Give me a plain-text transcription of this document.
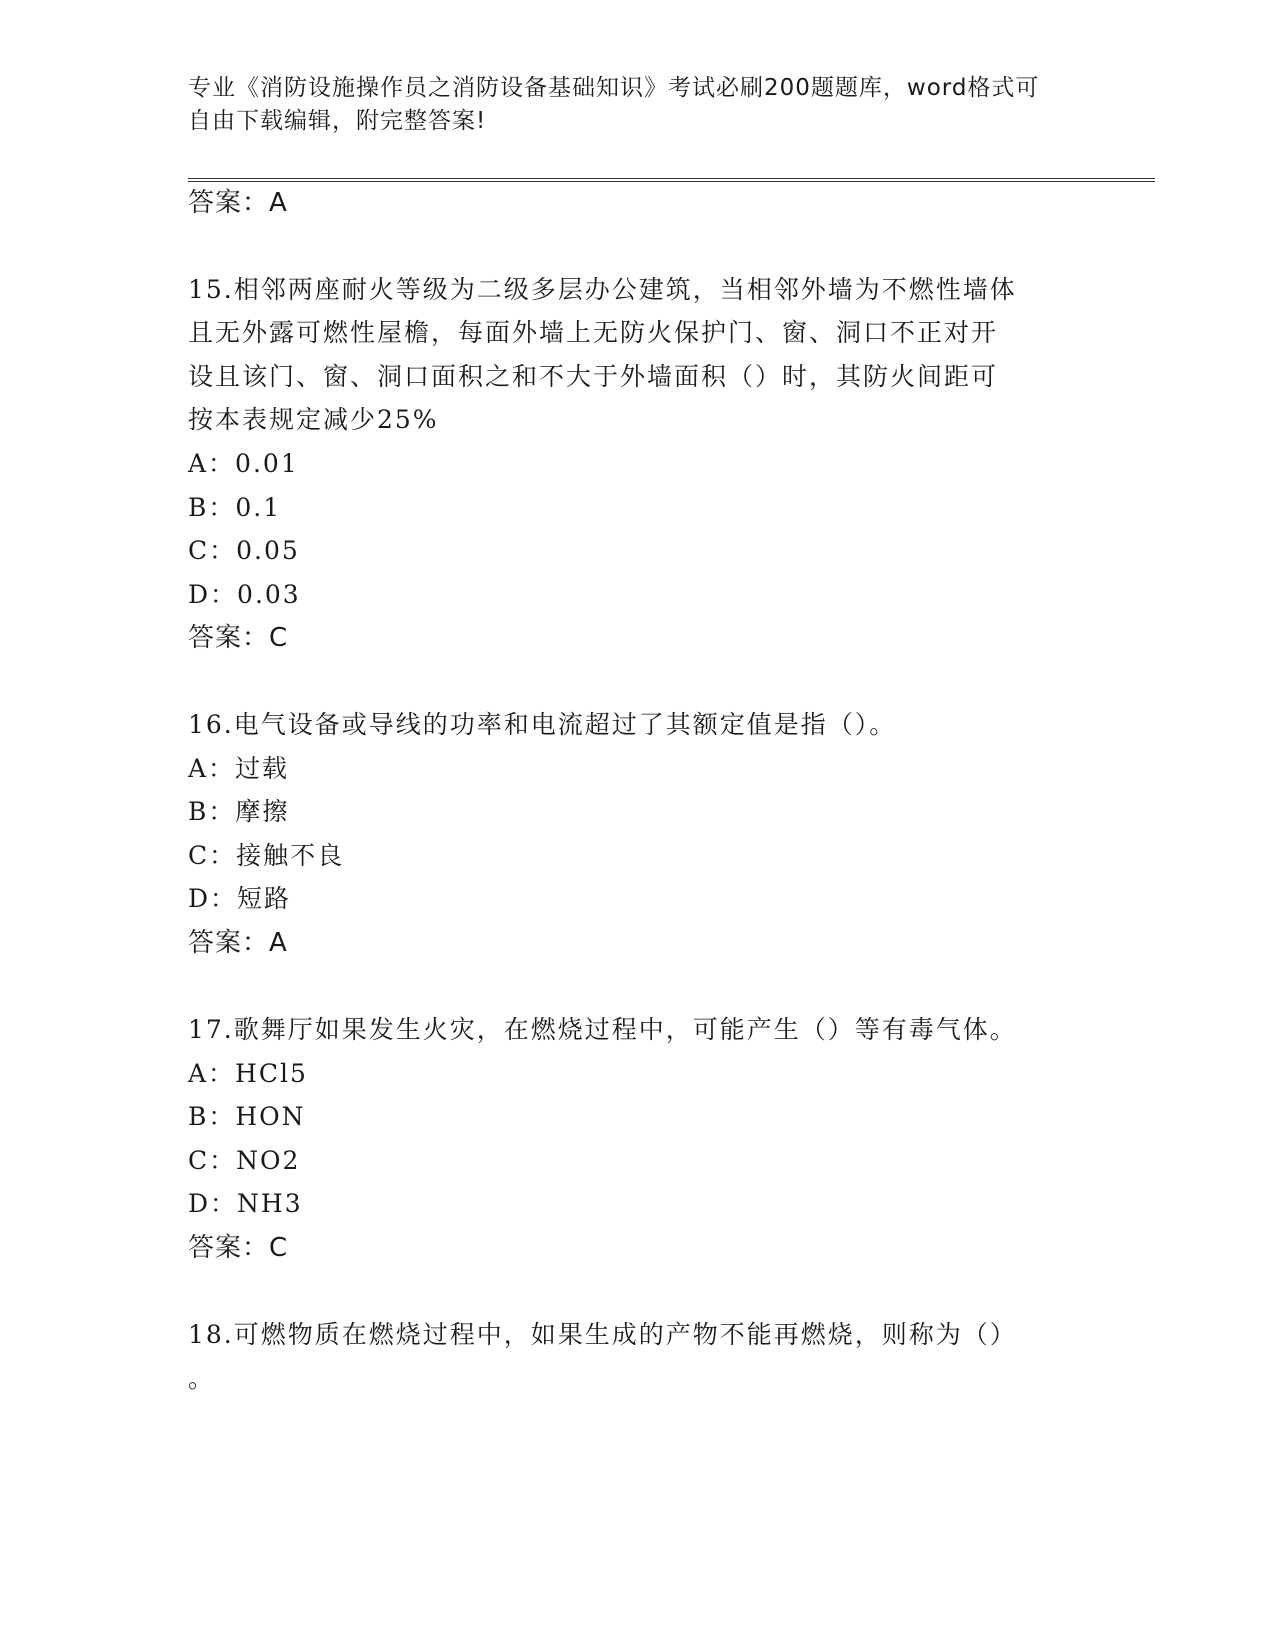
专业《消防设施操作员之消防设备基础知识》考试必刷200题题库，word格式可
自由下载编辑，附完整答案!
答案：A
15.相邻两座耐火等级为二级多层办公建筑，当相邻外墙为不燃性墙体
且无外露可燃性屋檐，每面外墙上无防火保护门、窗、洞口不正对开
设且该门、窗、洞口面积之和不大于外墙面积（）时，其防火间距可
按本表规定减少25%
A：0.01
B：0.1
C：0.05
D：0.03
答案：C
16.电气设备或导线的功率和电流超过了其额定值是指（）。
A：过载
B：摩擦
C：接触不良
D：短路
答案：A
17.歌舞厅如果发生火灾，在燃烧过程中，可能产生（）等有毒气体。
A：HCl5
B：HON
C：NO2
D：NH3
答案：C
18.可燃物质在燃烧过程中，如果生成的产物不能再燃烧，则称为（）
。
